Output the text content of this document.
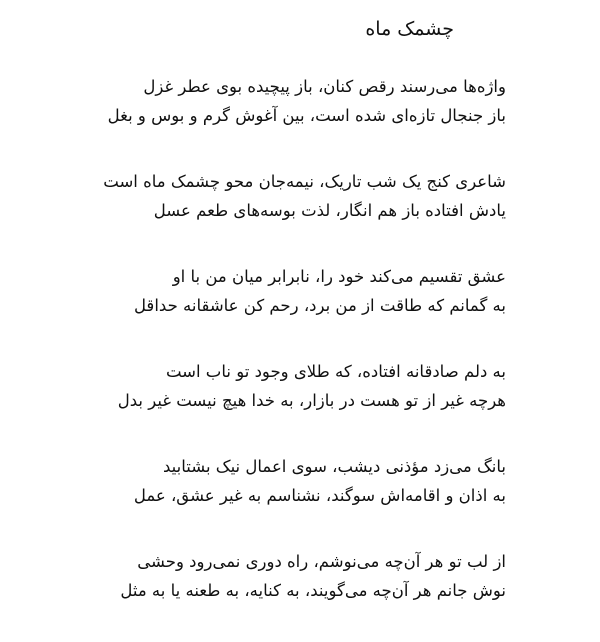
چشمک ماه
واژه‌ها می‌رسند رقص کنان، باز پیچیده بوی عطر غزل
باز جنجال تازه‌ای شده است، بین آغوش گرم و بوس و بغل
شاعری کنج یک شب تاریک، نیمه‌جان محو چشمک ماه است
یادش افتاده باز هم انگار، لذت بوسه‌های طعم عسل
عشق تقسیم می‌کند خود را، نابرابر میان من با او
به گمانم که طاقت از من برد، رحم کن عاشقانه حداقل
به دلم صادقانه افتاده، که طلای وجود تو ناب است
هرچه غیر از تو هست در بازار، به خدا هیچ نیست غیر بدل
بانگ می‌زد مؤذنی دیشب، سوی اعمال نیک بشتابید
به اذان و اقامه‌اش سوگند، نشناسم به غیر عشق، عمل
از لب تو هر آن‌چه می‌نوشم، راه دوری نمی‌رود وحشی
نوش جانم هر آن‌چه می‌گویند، به کنایه، به طعنه یا به مثل
